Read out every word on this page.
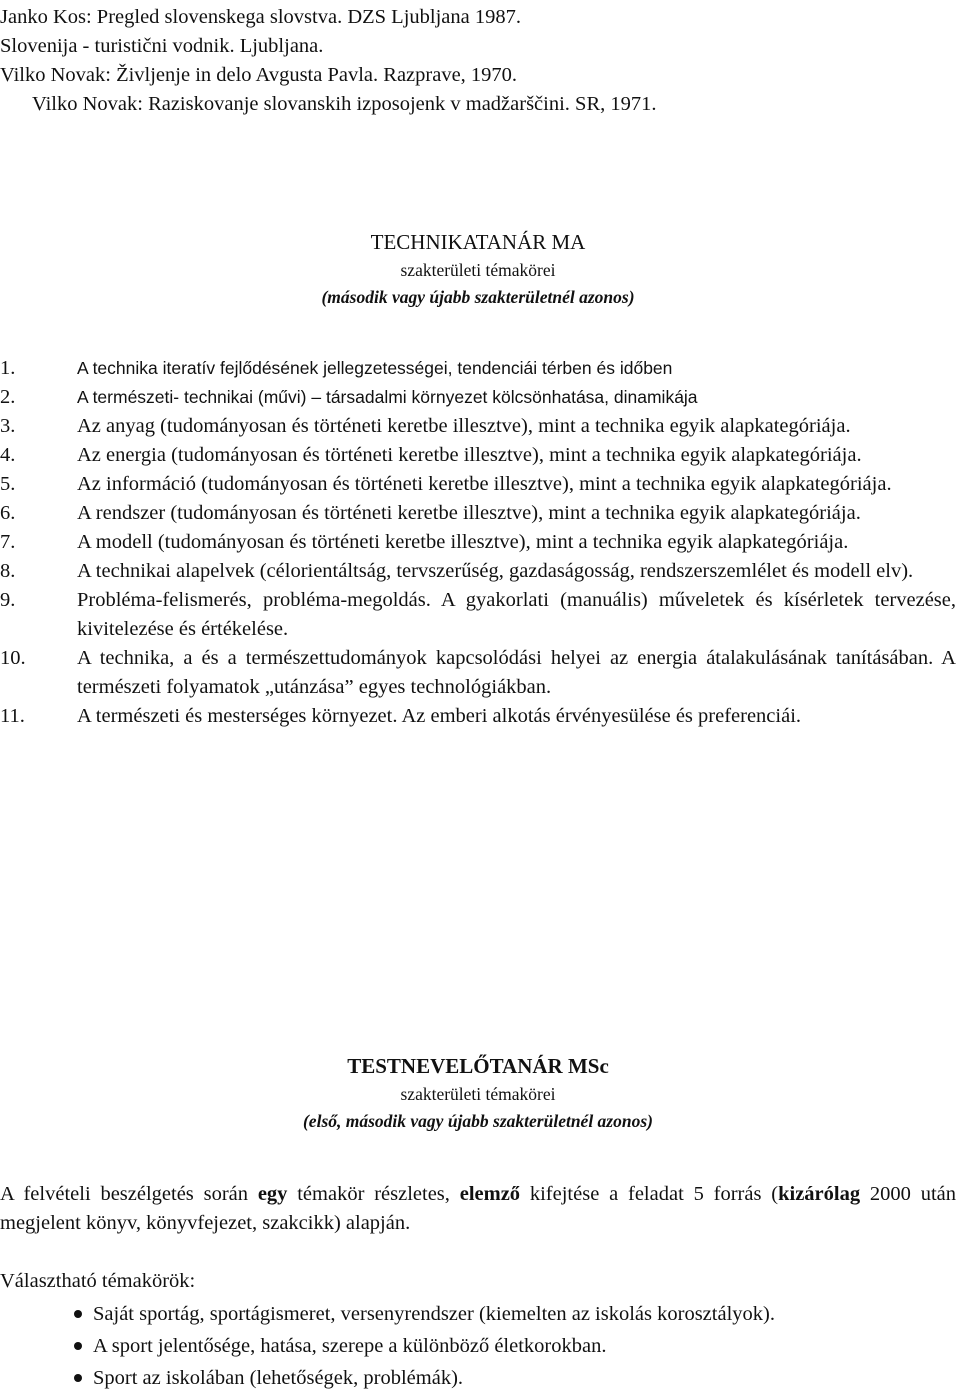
Janko Kos: Pregled slovenskega slovstva. DZS Ljubljana 1987.
Slovenija - turistični vodnik. Ljubljana.
Vilko Novak: Življenje in delo Avgusta Pavla. Razprave, 1970.
Vilko Novak: Raziskovanje slovanskih izposojenk v madžarščini. SR, 1971.
TECHNIKATANÁR MA
szakterületi témakörei
(második vagy újabb szakterületnél azonos)
1.	A technika iteratív fejlődésének jellegzetességei, tendenciái térben és időben
2.	A természeti- technikai (művi) – társadalmi környezet kölcsönhatása, dinamikája
3.	Az anyag (tudományosan és történeti keretbe illesztve), mint a technika egyik alapkategóriája.
4.	Az energia (tudományosan és történeti keretbe illesztve), mint a technika egyik alapkategóriája.
5.	Az információ (tudományosan és történeti keretbe illesztve), mint a technika egyik alapkategóriája.
6.	A rendszer (tudományosan és történeti keretbe illesztve), mint a technika egyik alapkategóriája.
7.	A modell (tudományosan és történeti keretbe illesztve), mint a technika egyik alapkategóriája.
8.	A technikai alapelvek (célorientáltság, tervszerűség, gazdaságosság, rendszerszemlélet és modell elv).
9.	Probléma-felismerés, probléma-megoldás. A gyakorlati (manuális) műveletek és kísérletek tervezése, kivitelezése és értékelése.
10.	A technika, a és a természettudományok kapcsolódási helyei az energia átalakulásának tanításában. A természeti folyamatok „utánzása” egyes technológiákban.
11.	A természeti és mesterséges környezet. Az emberi alkotás érvényesülése és preferenciái.
TESTNEVELŐTANÁR MSc
szakterületi témakörei
(első, második vagy újabb szakterületnél azonos)
A felvételi beszélgetés során egy témakör részletes, elemző kifejtése a feladat 5 forrás (kizárólag 2000 után megjelent könyv, könyvfejezet, szakcikk) alapján.
Választható témakörök:
Saját sportág, sportágismeret, versenyrendszer (kiemelten az iskolás korosztályok).
A sport jelentősége, hatása, szerepe a különböző életkorokban.
Sport az iskolában (lehetőségek, problémák).
